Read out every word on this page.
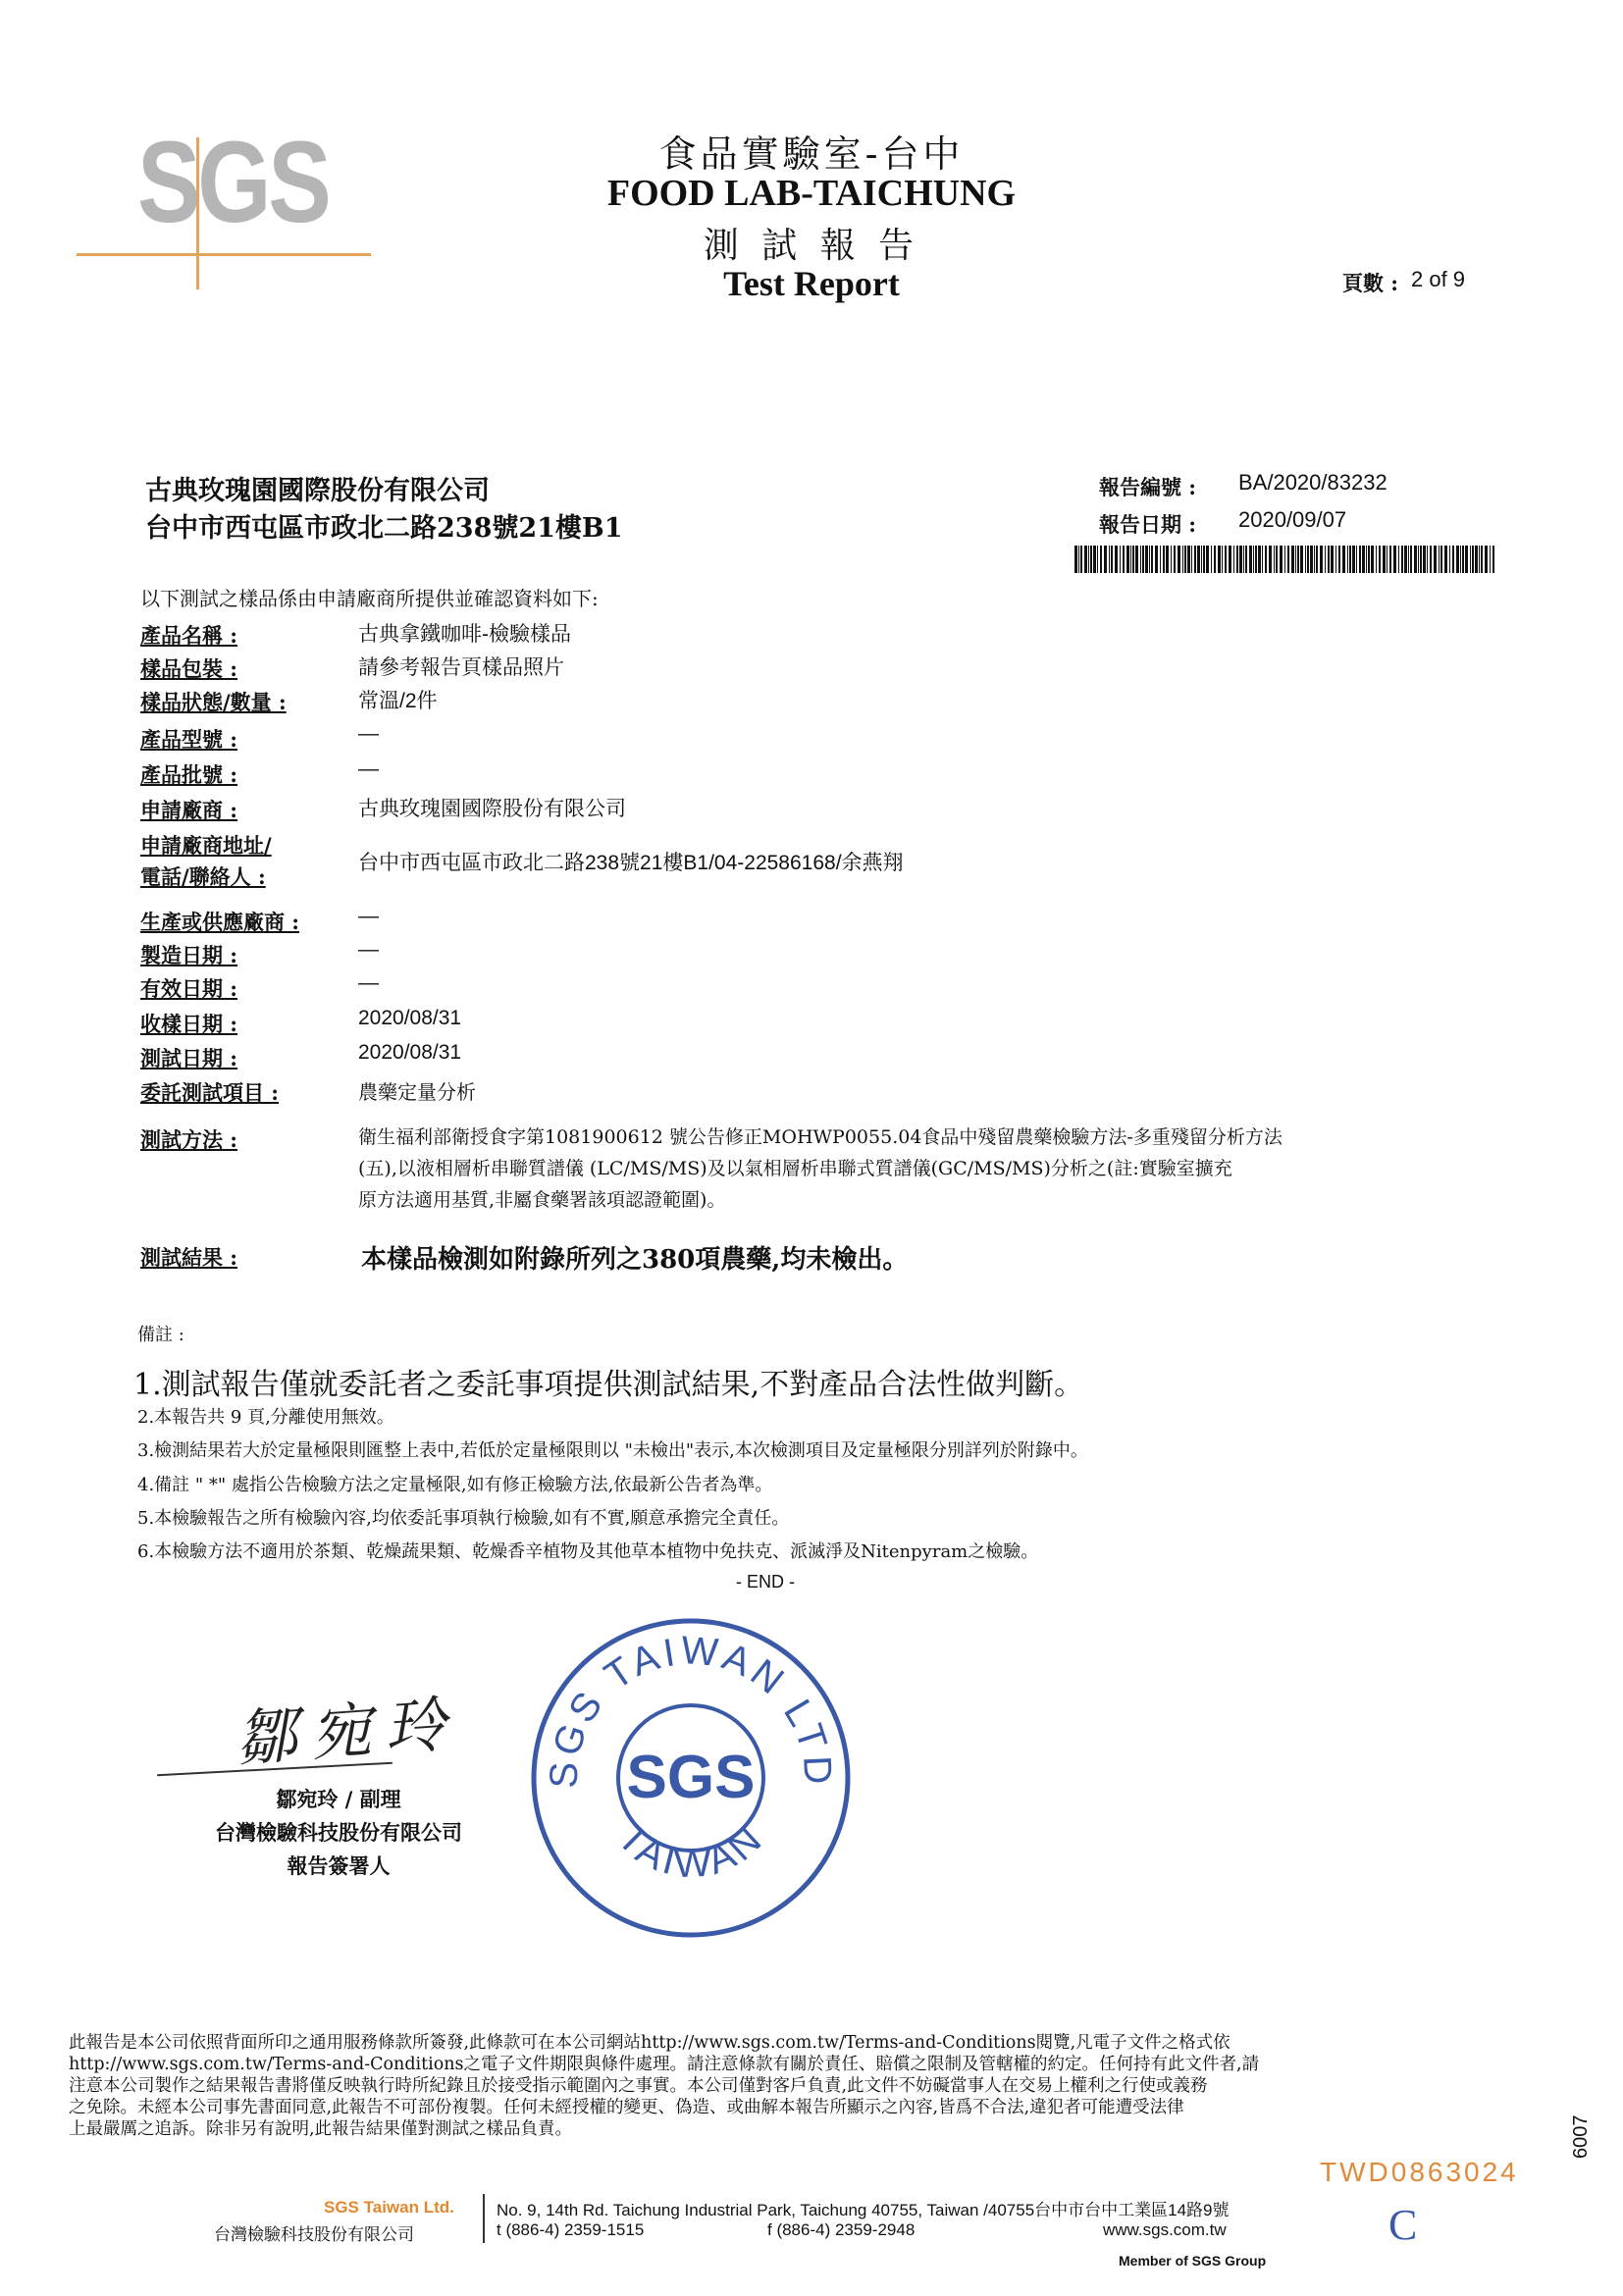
SGS	食品實驗室-台中
FOOD LAB-TAICHUNG
測 試 報 告
Test Report	頁數 : 2 of 9
古典玫瑰園國際股份有限公司
台中市西屯區市政北二路238號21樓B1
報告編號 : BA/2020/83232
報告日期 : 2020/09/07
以下測試之樣品係由申請廠商所提供並確認資料如下:
產品名稱 :	古典拿鐵咖啡-檢驗樣品
樣品包裝 :	請參考報告頁樣品照片
樣品狀態/數量 :	常溫/2件
產品型號 :	—
產品批號 :	—
申請廠商 :	古典玫瑰園國際股份有限公司
申請廠商地址/
電話/聯絡人 :
台中市西屯區市政北二路238號21樓B1/04-22586168/余燕翔
生產或供應廠商 :	—
製造日期 :	—
有效日期 :	—
收樣日期 :	2020/08/31
測試日期 :	2020/08/31
委託測試項目 :	農藥定量分析
測試方法 :	衛生福利部衛授食字第1081900612 號公告修正MOHWP0055.04食品中殘留農藥檢驗方法-多重殘留分析方法
(五),以液相層析串聯質譜儀 (LC/MS/MS)及以氣相層析串聯式質譜儀(GC/MS/MS)分析之(註:實驗室擴充
原方法適用基質,非屬食藥署該項認證範圍)。
測試結果 :	本樣品檢測如附錄所列之380項農藥,均未檢出。
備註 :
1.測試報告僅就委託者之委託事項提供測試結果,不對產品合法性做判斷。
2.本報告共 9 頁,分離使用無效。
3.檢測結果若大於定量極限則匯整上表中,若低於定量極限則以 "未檢出"表示,本次檢測項目及定量極限分別詳列於附錄中。
4.備註 " *" 處指公告檢驗方法之定量極限,如有修正檢驗方法,依最新公告者為準。
5.本檢驗報告之所有檢驗內容,均依委託事項執行檢驗,如有不實,願意承擔完全責任。
6.本檢驗方法不適用於茶類、乾燥蔬果類、乾燥香辛植物及其他草本植物中免扶克、派滅淨及Nitenpyram之檢驗。
- END -
SGS TAIWAN LTD
SGS
TAIWAN
鄒宛玲
鄒宛玲 / 副理
台灣檢驗科技股份有限公司
報告簽署人
此報告是本公司依照背面所印之通用服務條款所簽發,此條款可在本公司網站http://www.sgs.com.tw/Terms-and-Conditions閱覽,凡電子文件之格式依
http://www.sgs.com.tw/Terms-and-Conditions之電子文件期限與條件處理。請注意條款有關於責任、賠償之限制及管轄權的約定。任何持有此文件者,請
注意本公司製作之結果報告書將僅反映執行時所紀錄且於接受指示範圍內之事實。本公司僅對客戶負責,此文件不妨礙當事人在交易上權利之行使或義務
之免除。未經本公司事先書面同意,此報告不可部份複製。任何未經授權的變更、偽造、或曲解本報告所顯示之內容,皆爲不合法,違犯者可能遭受法律
上最嚴厲之追訴。除非另有說明,此報告結果僅對測試之樣品負責。
TWD0863024
6007
C
SGS Taiwan Ltd.
台灣檢驗科技股份有限公司
No. 9, 14th Rd. Taichung Industrial Park, Taichung 40755, Taiwan /40755台中市台中工業區14路9號
t (886-4) 2359-1515	f (886-4) 2359-2948	www.sgs.com.tw
Member of SGS Group
